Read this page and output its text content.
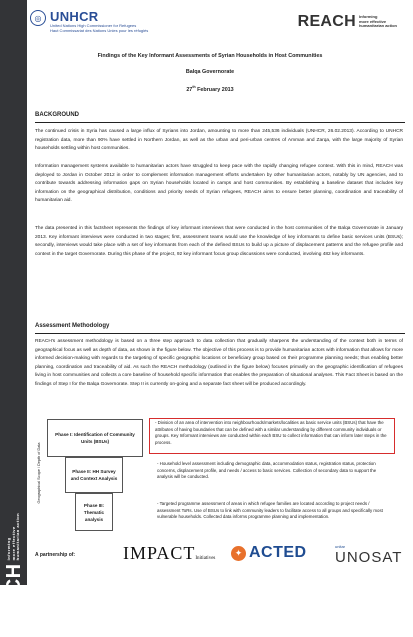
REACH
Informing more effective humanitarian action
◎ UNHCR
United Nations High Commissioner for Refugees
Haut Commissariat des Nations Unies pour les réfugiés
REACH Informing
more effective
humanitarian action
Findings of the Key Informant Assessments of Syrian Households in Host Communities
Balqa Governorate
27th February 2013
BACKGROUND

The continued crisis in Syria has caused a large influx of Syrians into Jordan, amounting to more than 245,536 individuals (UNHCR, 26.02.2013). According to UNHCR registration data, more than 90% have settled in Northern Jordan, as well as the urban and peri-urban centres of Amman and Zarqa, with the large majority of Syrian households settling within host communities.

Information management systems available to humanitarian actors have struggled to keep pace with the rapidly changing refugee context. With this in mind, REACH was deployed to Jordan in October 2012 in order to complement information management efforts undertaken by other humanitarian actors, notably by UN agencies, and to contribute towards addressing information gaps on Syrian households located in camps and host communities. By establishing a baseline dataset that includes key information on the geographical distribution, conditions and priority needs of Syrian refugees, REACH aims to ensure better planning, coordination and traceability of humanitarian aid.

The data presented in this factsheet represents the findings of key informant interviews that were conducted in the host communities of the Balqa Governorate in January 2013. Key informant interviews were conducted in two stages; first, assessment teams would use the knowledge of key informants to define basic services units (BSUs); secondly, interviews would take place with a set of key informants from each of the defined BSUs to build up a picture of displacement patterns and the refugee profile and context in the target Governorate. During this phase of the project, 92 key informant focus group discussions were conducted, involving 482 key informants.

Assessment Methodology

REACH's assessment methodology is based on a three step approach to data collection that gradually sharpens the understanding of the context both in terms of geographical focus as well as depth of data, as shown in the figure below. The objective of this process is to provide humanitarian actors with information that allows for more informed decision-making with regards to the targeting of specific geographic locations or beneficiary group based on their programme planning needs; thus enabling better planning, coordination and traceability of aid. As such the REACH methodology (outlined in the figure below) focuses primarily on the geographic identification of refugees living in host communities and collects a core baseline of household specific information that enables the preparation of situational analyses. This Fact Sheet is based on the findings of Step I for the Balqa Governorate. Step II is currently on-going and a separate fact sheet will be produced accordingly.

Geographical Scope / Depth of Data
Phase I: Identification of Community Units (BSUs)
Phase II: HH Survey and Context Analysis
Phase III: Thematic analysis

- Division of an area of intervention into neighbourhoods/markets/localities as basic service units (BSUs) that have the attributes of having boundaries that can be defined with a similar understanding by different community individuals or groups. Key Informant interviews are conducted within each BSU to collect information that can inform later steps in the process.

- Household level assessment including demographic data, accommodation status, registration status, protection concerns, displacement profile, and needs / access to basic services. Collection of secondary data to support the analysis will be conducted.

- Targeted programme assessment of areas in which refugee families are located according to project needs / assessment ToRs. Use of BSUs to link with community leaders to facilitate access to all groups and specifically most vulnerable households. Collected data informs programme planning and implementation.

A partnership of:	IMPACTInitiatives
✦ ACTED	unitar
UNOSAT
